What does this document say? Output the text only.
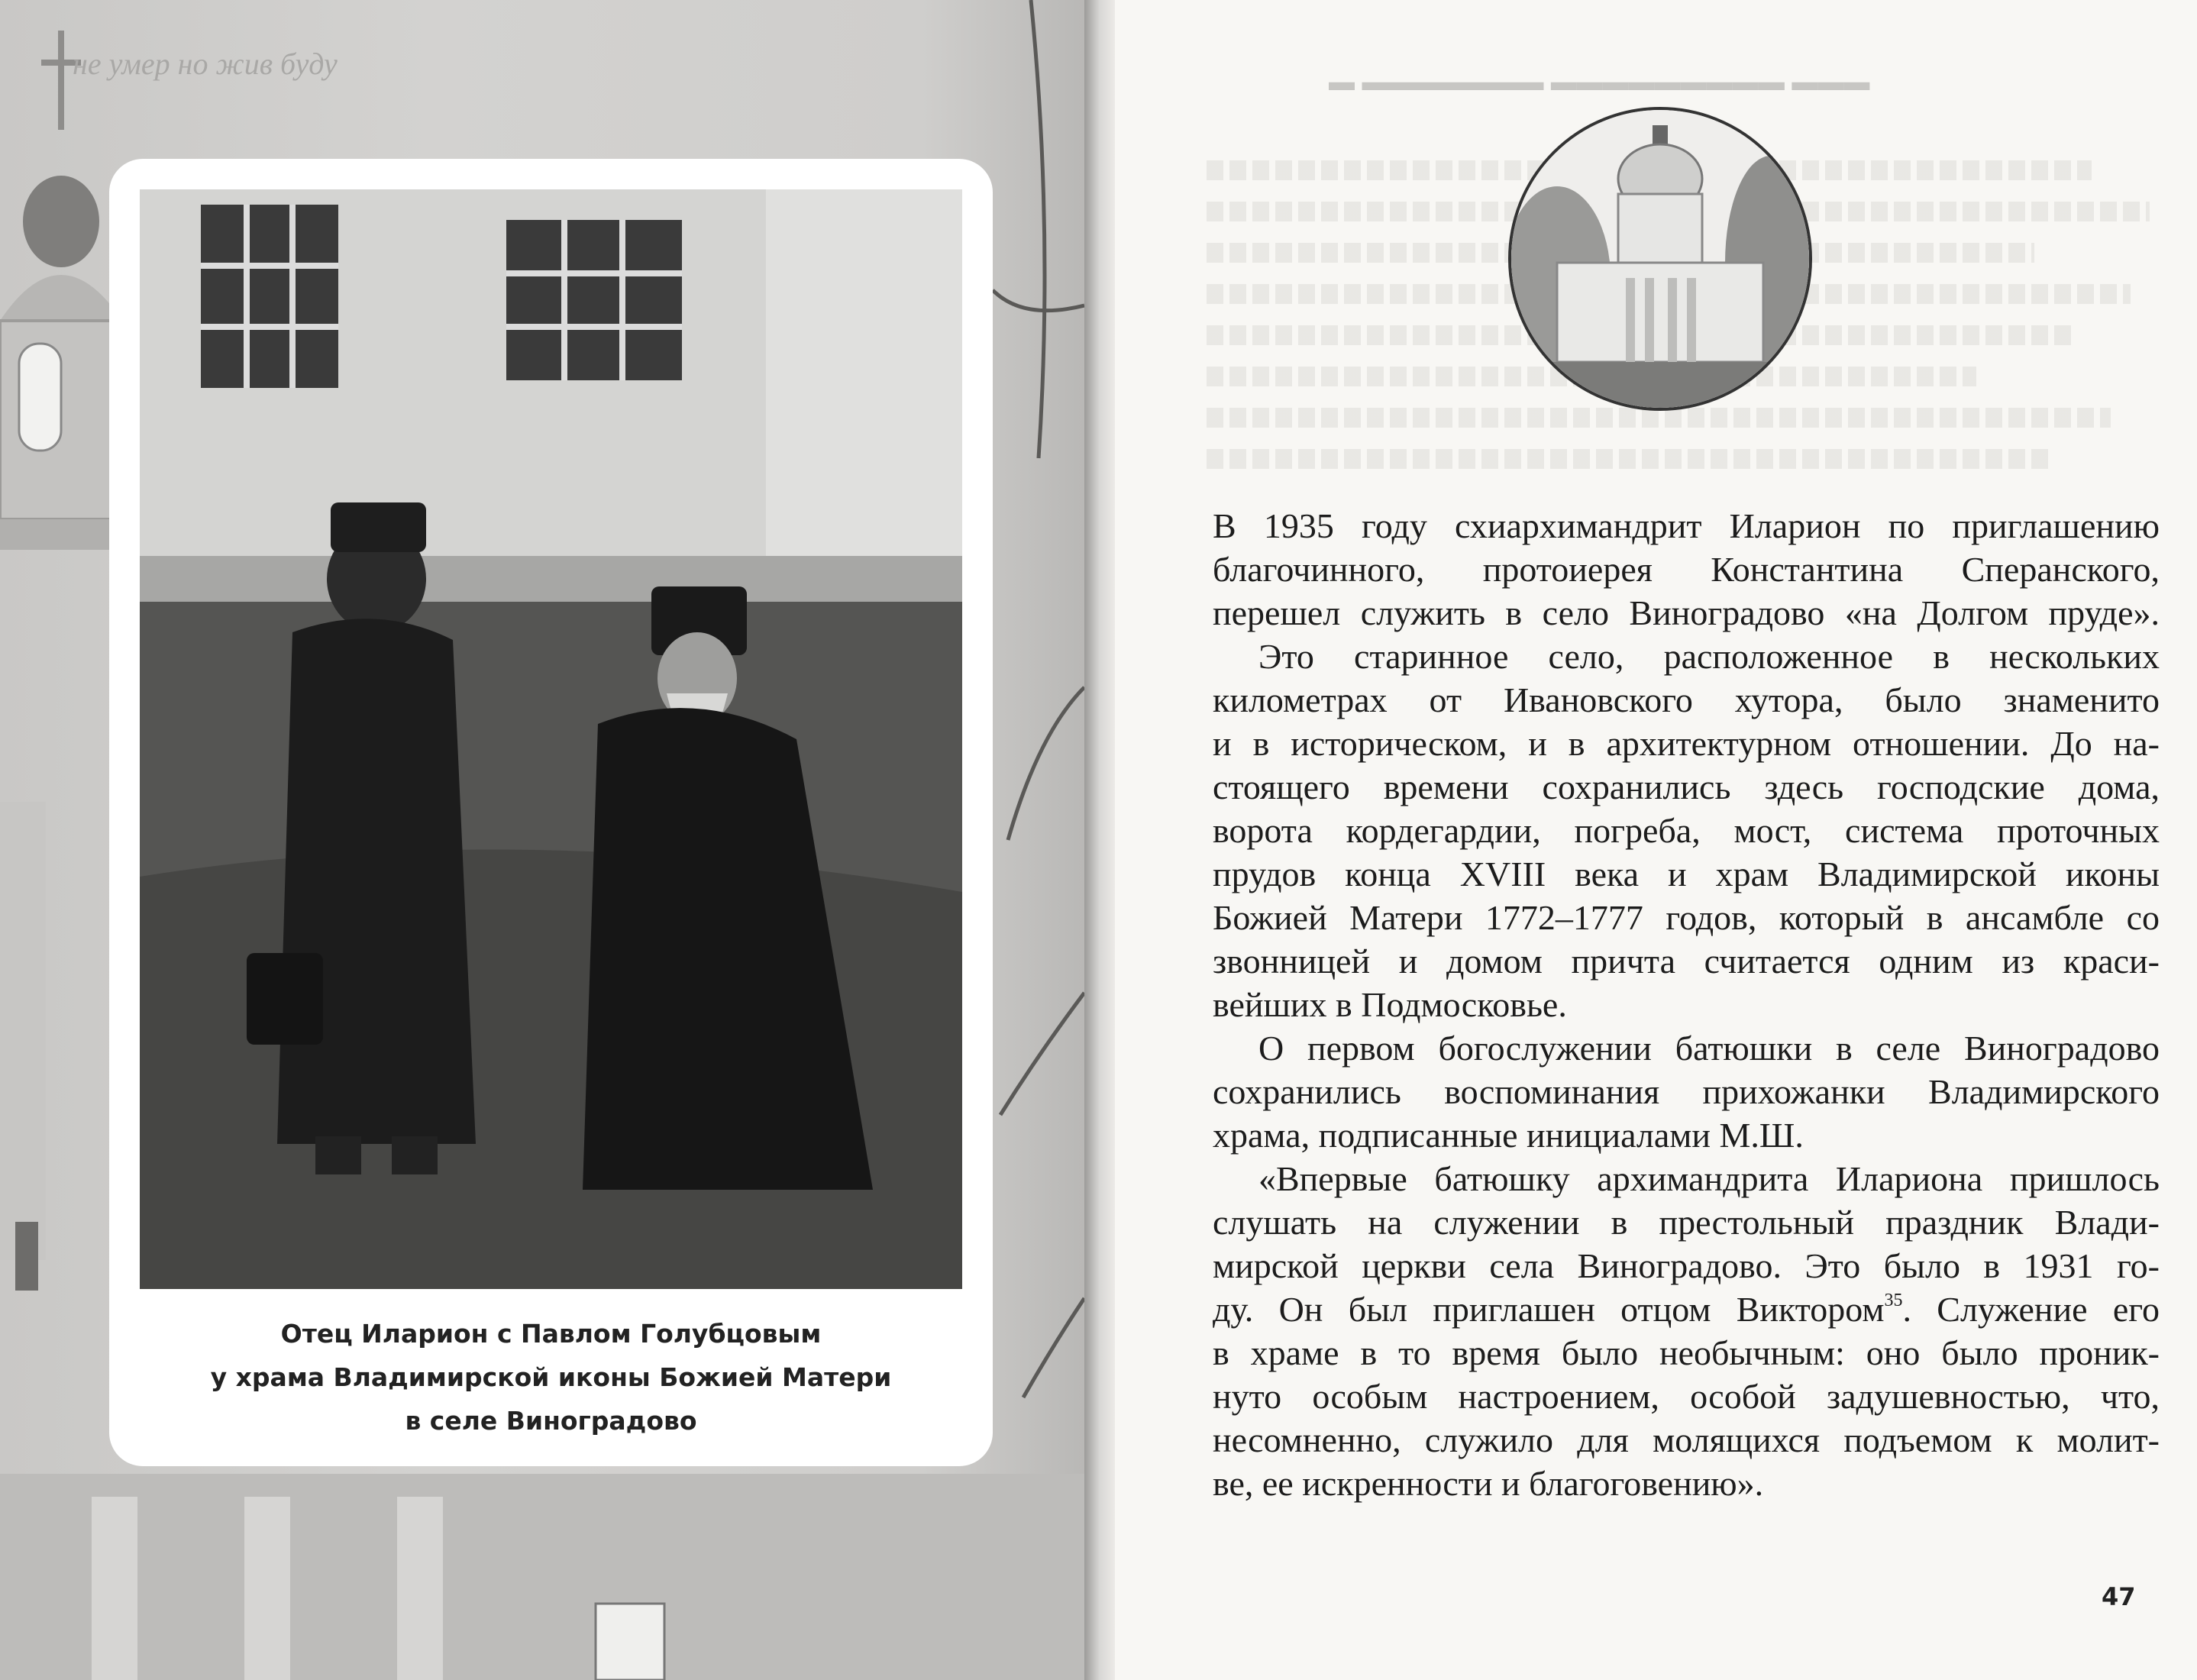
не умер но жив буду
Отец Иларион с Павлом Голубцовым
у храма Владимирской иконы Божией Матери
в селе Виноградово
▬ ▬▬▬▬▬▬▬ ▬▬▬▬▬▬▬▬▬ ▬▬▬
В 1935 году схиархимандрит Иларион по приглашению
благочинного, протоиерея Константина Сперанского,
перешел служить в село Виноградово «на Долгом пруде».
Это старинное село, расположенное в нескольких
километрах от Ивановского хутора, было знаменито
и в историческом, и в архитектурном отношении. До на-
стоящего времени сохранились здесь господские дома,
ворота кордегардии, погреба, мост, система проточных
прудов конца XVIII века и храм Владимирской иконы
Божией Матери 1772–1777 годов, который в ансамбле со
звонницей и домом причта считается одним из краси-
вейших в Подмосковье.
О первом богослужении батюшки в селе Виноградово
сохранились воспоминания прихожанки Владимирского
храма, подписанные инициалами М.Ш.
«Впервые батюшку архимандрита Илариона пришлось
слушать на служении в престольный праздник Влади-
мирской церкви села Виноградово. Это было в 1931 го-
ду. Он был приглашен отцом Виктором$^{35}$. Служение его
в храме в то время было необычным: оно было проник-
нуто особым настроением, особой задушевностью, что,
несомненно, служило для молящихся подъемом к молит-
ве, ее искренности и благоговению».
47
